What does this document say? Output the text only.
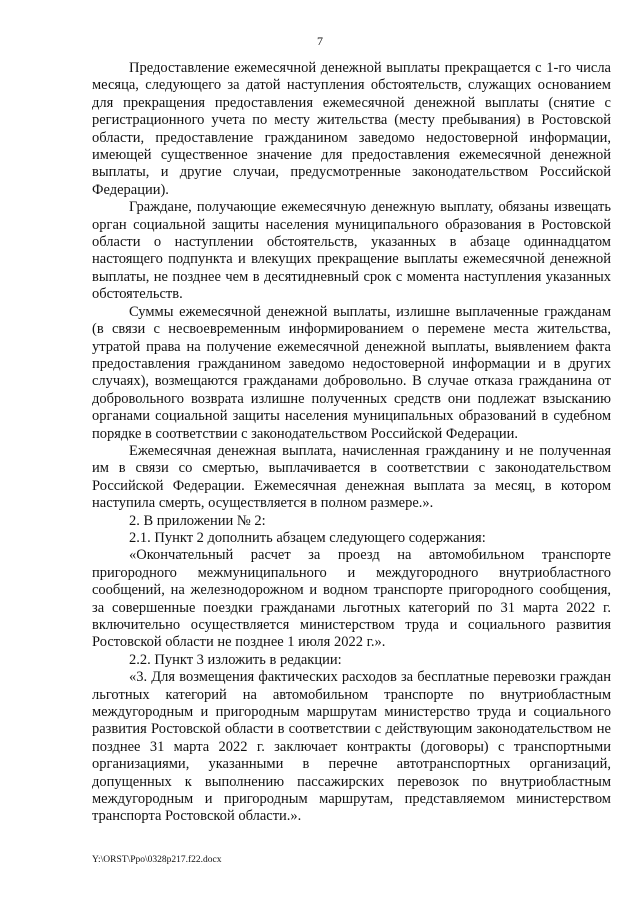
7

Предоставление ежемесячной денежной выплаты прекращается с 1-го числа месяца, следующего за датой наступления обстоятельств, служащих основанием для прекращения предоставления ежемесячной денежной выплаты (снятие с регистрационного учета по месту жительства (месту пребывания) в Ростовской области, предоставление гражданином заведомо недостоверной информации, имеющей существенное значение для предоставления ежемесячной денежной выплаты, и другие случаи, предусмотренные законодательством Российской Федерации).

Граждане, получающие ежемесячную денежную выплату, обязаны извещать орган социальной защиты населения муниципального образования в Ростовской области о наступлении обстоятельств, указанных в абзаце одиннадцатом настоящего подпункта и влекущих прекращение выплаты ежемесячной денежной выплаты, не позднее чем в десятидневный срок с момента наступления указанных обстоятельств.

Суммы ежемесячной денежной выплаты, излишне выплаченные гражданам (в связи с несвоевременным информированием о перемене места жительства, утратой права на получение ежемесячной денежной выплаты, выявлением факта предоставления гражданином заведомо недостоверной информации и в других случаях), возмещаются гражданами добровольно. В случае отказа гражданина от добровольного возврата излишне полученных средств они подлежат взысканию органами социальной защиты населения муниципальных образований в судебном порядке в соответствии с законодательством Российской Федерации.

Ежемесячная денежная выплата, начисленная гражданину и не полученная им в связи со смертью, выплачивается в соответствии с законодательством Российской Федерации. Ежемесячная денежная выплата за месяц, в котором наступила смерть, осуществляется в полном размере.».

2. В приложении № 2:

2.1. Пункт 2 дополнить абзацем следующего содержания:

«Окончательный расчет за проезд на автомобильном транспорте пригородного межмуниципального и междугородного внутриобластного сообщений, на железнодорожном и водном транспорте пригородного сообщения, за совершенные поездки гражданами льготных категорий по 31 марта 2022 г. включительно осуществляется министерством труда и социального развития Ростовской области не позднее 1 июля 2022 г.».

2.2. Пункт 3 изложить в редакции:

«3. Для возмещения фактических расходов за бесплатные перевозки граждан льготных категорий на автомобильном транспорте по внутриобластным междугородным и пригородным маршрутам министерство труда и социального развития Ростовской области в соответствии с действующим законодательством не позднее 31 марта 2022 г. заключает контракты (договоры) с транспортными организациями, указанными в перечне автотранспортных организаций, допущенных к выполнению пассажирских перевозок по внутриобластным междугородным и пригородным маршрутам, представляемом министерством транспорта Ростовской области.».

Y:\ORST\Ppo\0328p217.f22.docx
